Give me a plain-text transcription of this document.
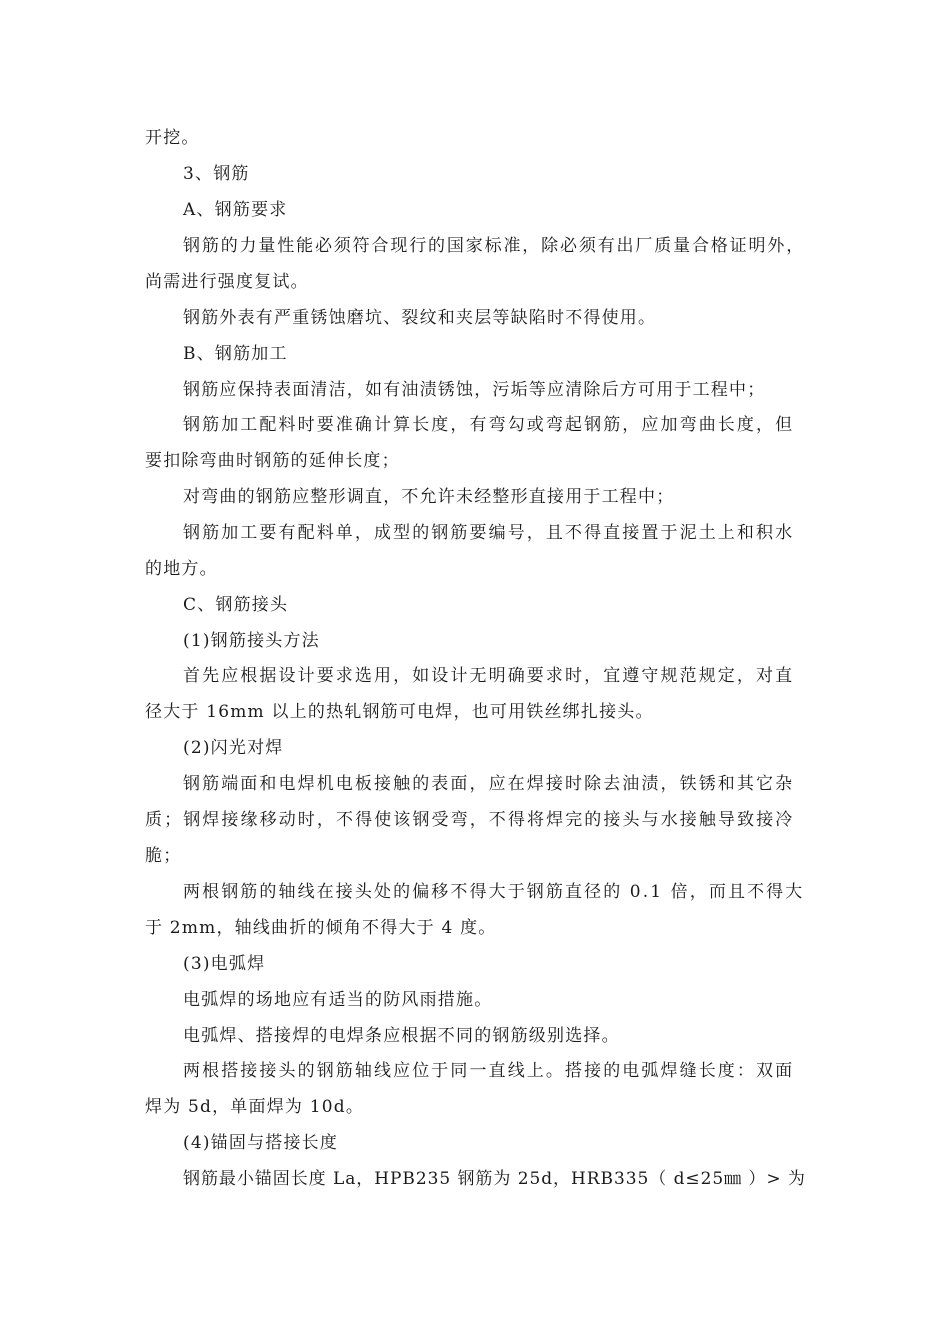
开挖。
3、钢筋
A、钢筋要求
钢筋的力量性能必须符合现行的国家标准，除必须有出厂质量合格证明外，
尚需进行强度复试。
钢筋外表有严重锈蚀磨坑、裂纹和夹层等缺陷时不得使用。
B、钢筋加工
钢筋应保持表面清洁，如有油渍锈蚀，污垢等应清除后方可用于工程中；
钢筋加工配料时要准确计算长度，有弯勾或弯起钢筋，应加弯曲长度，但
要扣除弯曲时钢筋的延伸长度；
对弯曲的钢筋应整形调直，不允许未经整形直接用于工程中；
钢筋加工要有配料单，成型的钢筋要编号，且不得直接置于泥土上和积水
的地方。
C、钢筋接头
(1)钢筋接头方法
首先应根据设计要求选用，如设计无明确要求时，宜遵守规范规定，对直
径大于 16mm 以上的热轧钢筋可电焊，也可用铁丝绑扎接头。
(2)闪光对焊
钢筋端面和电焊机电板接触的表面，应在焊接时除去油渍，铁锈和其它杂
质；钢焊接缘移动时，不得使该钢受弯，不得将焊完的接头与水接触导致接冷
脆；
两根钢筋的轴线在接头处的偏移不得大于钢筋直径的 0.1 倍，而且不得大
于 2mm，轴线曲折的倾角不得大于 4 度。
(3)电弧焊
电弧焊的场地应有适当的防风雨措施。
电弧焊、搭接焊的电焊条应根据不同的钢筋级别选择。
两根搭接接头的钢筋轴线应位于同一直线上。搭接的电弧焊缝长度：双面
焊为 5d，单面焊为 10d。
(4)锚固与搭接长度
钢筋最小锚固长度 La，HPB235 钢筋为 25d，HRB335（ d≤25㎜ ）> 为
